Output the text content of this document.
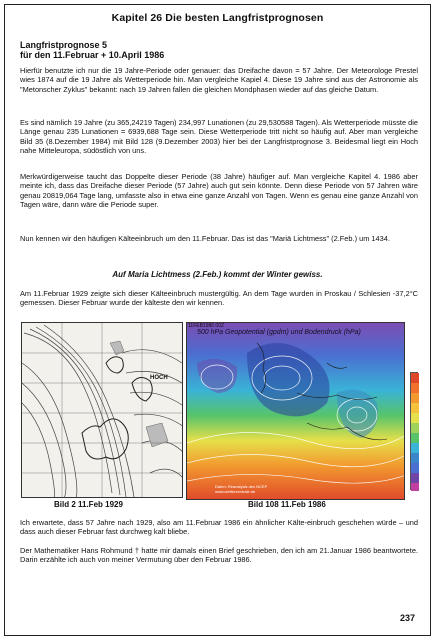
Kapitel 26 Die besten Langfristprognosen
Langfristprognose 5
für den 11.Februar + 10.April 1986
Hierfür benutzte ich nur die 19 Jahre-Periode oder genauer: das Dreifache davon = 57 Jahre. Der Meteorologe Prestel wies 1874 auf die 19 Jahre als Wetterperiode hin. Man vergleiche Kapiel 4. Diese 19 Jahre sind aus der Astronomie als "Metonscher Zyklus" bekannt: nach 19 Jahren fallen die gleichen Mondphasen wieder auf das gleiche Datum.
Es sind nämlich 19 Jahre (zu 365,24219 Tagen) 234,997 Lunationen (zu 29,530588 Tagen). Als Wetterperiode müsste die Länge genau 235 Lunationen = 6939,688 Tage sein. Diese Wetterperiode tritt nicht so häufig auf. Aber man vergleiche Bild 35 (8.Dezember 1984) mit Bild 128 (9.Dezember 2003) hier bei der Langfristprognose 3. Beidesmal liegt ein Hoch nahe Mitteleuropa, südöstlich von uns.
Merkwürdigerweise taucht das Doppelte dieser Periode (38 Jahre) häufiger auf. Man vergleiche Kapitel 4. 1986 aber meinte ich, dass das Dreifache dieser Periode (57 Jahre) auch gut sein könnte. Denn diese Periode von 57 Jahren wäre genau 20819,064 Tage lang, umfasste also in etwa eine ganze Anzahl von Tagen. Wenn es genau eine ganze Anzahl von Tagen wäre, dann wäre die Periode super.
Nun kennen wir den häufigen Kälteeinbruch um den 11.Februar. Das ist das "Mariä Lichtmess" (2.Feb.) um 1434.
Auf Maria Lichtmess (2.Feb.) kommt der Winter gewiss.
Am 11.Februar 1929 zeigte sich dieser Kälteeinbruch mustergültig. An dem Tage wurden in Proskau / Schlesien -37,2°C gemessen. Dieser Februar wurde der kälteste den wir kennen.
HOCH
Bild 2 11.Feb 1929
11FEB1986 00Z
500 hPa Geopotential (gpdm) und Bodendruck (hPa)
Daten: Reanalysis des NCEP
www.wetterzentrale.de
Bild 108 11.Feb 1986
Ich erwartete, dass 57 Jahre nach 1929, also am 11.Februar 1986 ein ähnlicher Kälte-einbruch geschehen würde – und dass auch dieser Februar fast durchweg kalt bliebe.
Der Mathematiker Hans Rohmund † hatte mir damals einen Brief geschrieben, den ich am 21.Januar 1986 beantwortete. Darin erzählte ich auch von meiner Vermutung über den Februar 1986.
237
